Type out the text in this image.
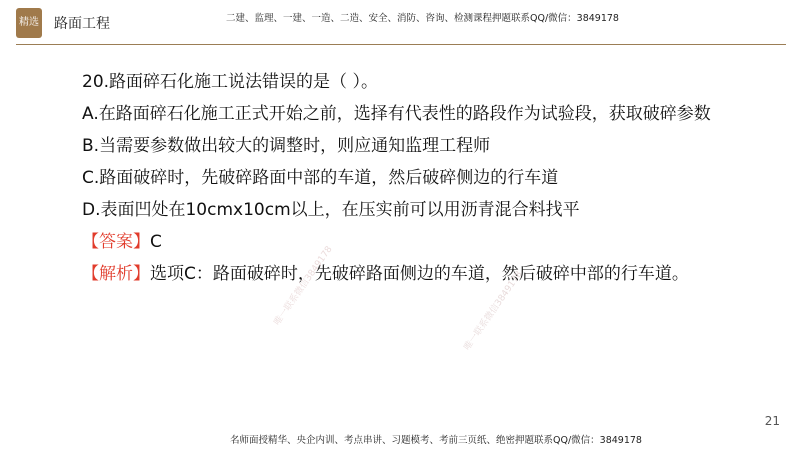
精选 路面工程	二建、监理、一建、一造、二造、安全、消防、咨询、检测课程押题联系QQ/微信：3849178
20.路面碎石化施工说法错误的是（ ）。
A.在路面碎石化施工正式开始之前，选择有代表性的路段作为试验段，获取破碎参数
B.当需要参数做出较大的调整时，则应通知监理工程师
C.路面破碎时，先破碎路面中部的车道，然后破碎侧边的行车道
D.表面凹处在10cmx10cm以上，在压实前可以用沥青混合料找平
【答案】C
【解析】选项C：路面破碎时，先破碎路面侧边的车道，然后破碎中部的行车道。
唯一联系微信3849178	唯一联系微信3849178
21
名师面授精华、央企内训、考点串讲、习题模考、考前三页纸、绝密押题联系QQ/微信：3849178
